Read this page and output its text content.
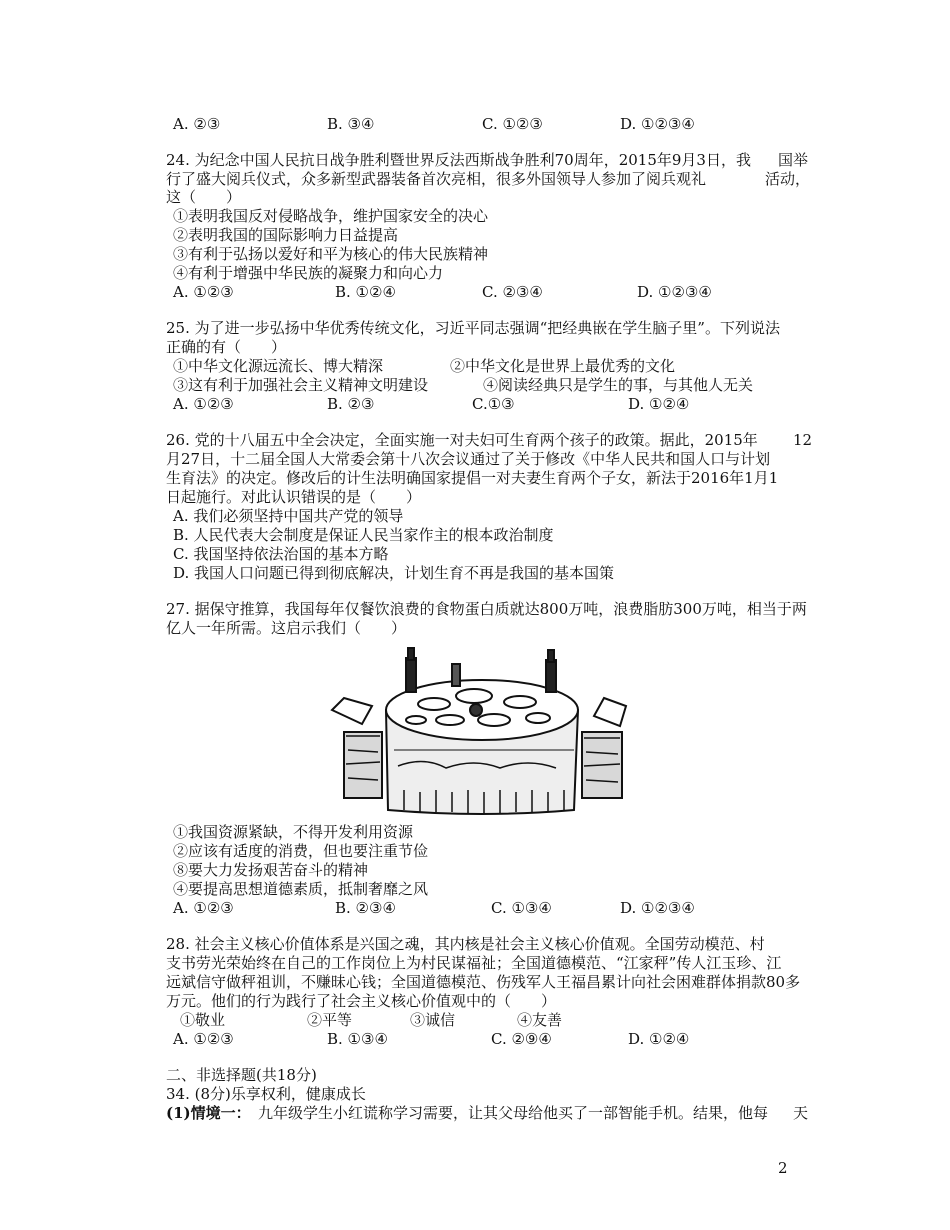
A. ②③	B. ③④	C. ①②③	D. ①②③④
24. 为纪念中国人民抗日战争胜利暨世界反法西斯战争胜利70周年，2015年9月3日，我 国举
行了盛大阅兵仪式，众多新型武器装备首次亮相，很多外国领导人参加了阅兵观礼	活动，
这（　　）
①表明我国反对侵略战争，维护国家安全的决心
②表明我国的国际影响力日益提高
③有利于弘扬以爱好和平为核心的伟大民族精神
④有利于增强中华民族的凝聚力和向心力
A. ①②③	B. ①②④	C. ②③④	D. ①②③④
25. 为了进一步弘扬中华优秀传统文化，习近平同志强调“把经典嵌在学生脑子里”。下列说法
正确的有（　　）
①中华文化源远流长、博大精深	②中华文化是世界上最优秀的文化
③这有利于加强社会主义精神文明建设	④阅读经典只是学生的事，与其他人无关
A. ①②③	B. ②③	C.①③	D. ①②④
26. 党的十八届五中全会决定，全面实施一对夫妇可生育两个孩子的政策。据此，2015年 12
月27日，十二届全国人大常委会第十八次会议通过了关于修改《中华人民共和国人口与计划
生育法》的决定。修改后的计生法明确国家提倡一对夫妻生育两个子女，新法于2016年1月1
日起施行。对此认识错误的是（　　）
A. 我们必须坚持中国共产党的领导
B. 人民代表大会制度是保证人民当家作主的根本政治制度
C. 我国坚持依法治国的基本方略
D. 我国人口问题已得到彻底解决，计划生育不再是我国的基本国策
27. 据保守推算，我国每年仅餐饮浪费的食物蛋白质就达800万吨，浪费脂肪300万吨，相当于两
亿人一年所需。这启示我们（　　）
①我国资源紧缺，不得开发利用资源
②应该有适度的消费，但也要注重节俭
⑧要大力发扬艰苦奋斗的精神
④要提高思想道德素质，抵制奢靡之风
A. ①②③	B. ②③④	C. ①③④	D. ①②③④
28. 社会主义核心价值体系是兴国之魂，其内核是社会主义核心价值观。全国劳动模范、村
支书劳光荣始终在自己的工作岗位上为村民谋福祉；全国道德模范、“江家秤”传人江玉珍、江
远斌信守做秤祖训，不赚昧心钱；全国道德模范、伤残军人王福昌累计向社会困难群体捐款80多
万元。他们的行为践行了社会主义核心价值观中的（　　）
①敬业	②平等	③诚信	④友善
A. ①②③	B. ①③④	C. ②⑨④	D. ①②④
二、非选择题(共18分)
34. (8分)乐享权利，健康成长
(1)情境一： 九年级学生小红谎称学习需要，让其父母给他买了一部智能手机。结果，他每 天
2
